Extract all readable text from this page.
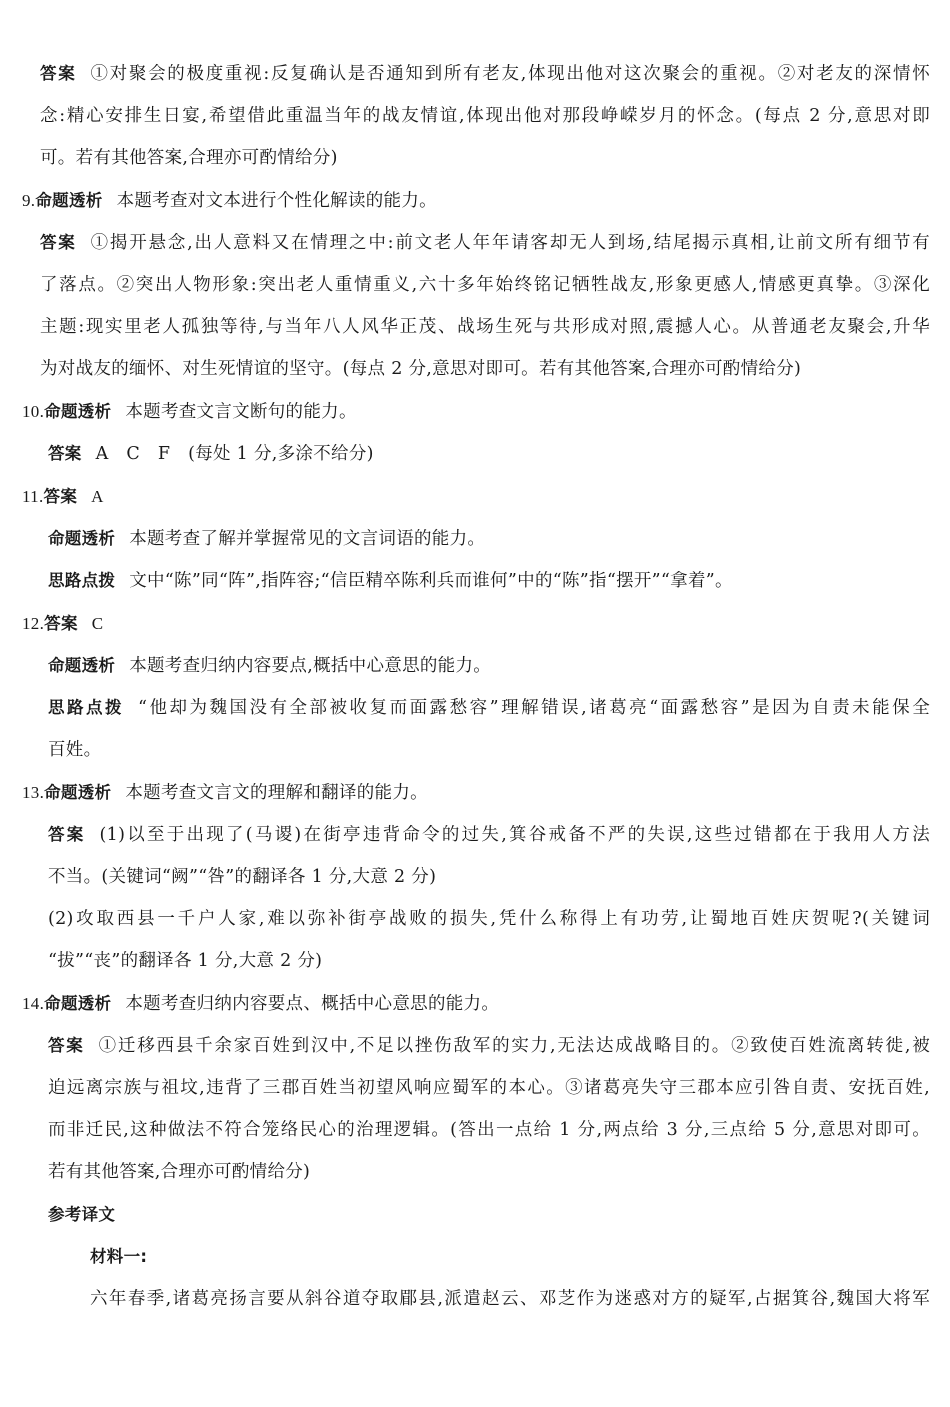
答案 ①对聚会的极度重视:反复确认是否通知到所有老友,体现出他对这次聚会的重视。②对老友的深情怀
念:精心安排生日宴,希望借此重温当年的战友情谊,体现出他对那段峥嵘岁月的怀念。(每点 2 分,意思对即
可。若有其他答案,合理亦可酌情给分)
9.命题透析 本题考查对文本进行个性化解读的能力。
答案 ①揭开悬念,出人意料又在情理之中:前文老人年年请客却无人到场,结尾揭示真相,让前文所有细节有
了落点。②突出人物形象:突出老人重情重义,六十多年始终铭记牺牲战友,形象更感人,情感更真挚。③深化
主题:现实里老人孤独等待,与当年八人风华正茂、战场生死与共形成对照,震撼人心。从普通老友聚会,升华
为对战友的缅怀、对生死情谊的坚守。(每点 2 分,意思对即可。若有其他答案,合理亦可酌情给分)
10.命题透析 本题考查文言文断句的能力。
答案 A　C　F　(每处 1 分,多涂不给分)
11.答案 A
命题透析 本题考查了解并掌握常见的文言词语的能力。
思路点拨 文中“陈”同“阵”,指阵容;“信臣精卒陈利兵而谁何”中的“陈”指“摆开”“拿着”。
12.答案 C
命题透析 本题考查归纳内容要点,概括中心意思的能力。
思路点拨 “他却为魏国没有全部被收复而面露愁容”理解错误,诸葛亮“面露愁容”是因为自责未能保全
百姓。
13.命题透析 本题考查文言文的理解和翻译的能力。
答案 (1)以至于出现了(马谡)在街亭违背命令的过失,箕谷戒备不严的失误,这些过错都在于我用人方法
不当。(关键词“阙”“咎”的翻译各 1 分,大意 2 分)
(2)攻取西县一千户人家,难以弥补街亭战败的损失,凭什么称得上有功劳,让蜀地百姓庆贺呢?(关键词
“拔”“丧”的翻译各 1 分,大意 2 分)
14.命题透析 本题考查归纳内容要点、概括中心意思的能力。
答案 ①迁移西县千余家百姓到汉中,不足以挫伤敌军的实力,无法达成战略目的。②致使百姓流离转徙,被
迫远离宗族与祖坟,违背了三郡百姓当初望风响应蜀军的本心。③诸葛亮失守三郡本应引咎自责、安抚百姓,
而非迁民,这种做法不符合笼络民心的治理逻辑。(答出一点给 1 分,两点给 3 分,三点给 5 分,意思对即可。
若有其他答案,合理亦可酌情给分)
参考译文
材料一:
六年春季,诸葛亮扬言要从斜谷道夺取郿县,派遣赵云、邓芝作为迷惑对方的疑军,占据箕谷,魏国大将军
